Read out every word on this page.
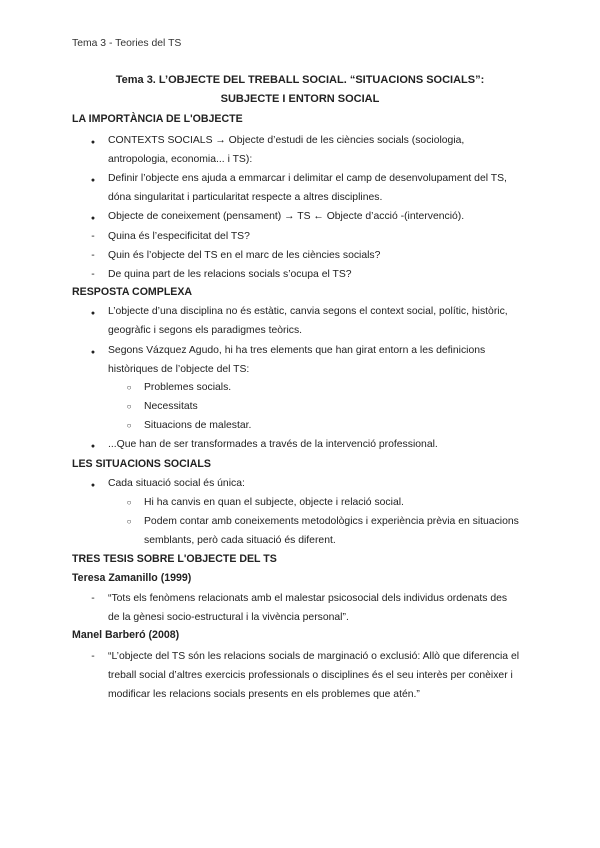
Tema 3 - Teories del TS
Tema 3. L’OBJECTE DEL TREBALL SOCIAL. “SITUACIONS SOCIALS”:
SUBJECTE I ENTORN SOCIAL
LA IMPORTÀNCIA DE L'OBJECTE
●
CONTEXTS SOCIALS → Objecte d’estudi de les ciències socials (sociologia, antropologia, economia... i TS):
●
Definir l’objecte ens ajuda a emmarcar i delimitar el camp de desenvolupament del TS, dóna singularitat i particularitat respecte a altres disciplines.
●
Objecte de coneixement (pensament) → TS ← Objecte d’acció -(intervenció).
-
Quina és l’especificitat del TS?
-
Quin és l’objecte del TS en el marc de les ciències socials?
-
De quina part de les relacions socials s’ocupa el TS?
RESPOSTA COMPLEXA
●
L’objecte d’una disciplina no és estàtic, canvia segons el context social, polític, històric, geogràfic i segons els paradigmes teòrics.
●
Segons Vázquez Agudo, hi ha tres elements que han girat entorn a les definicions històriques de l’objecte del TS:
○
Problemes socials.
○
Necessitats
○
Situacions de malestar.
●
...Que han de ser transformades a través de la intervenció professional.
LES SITUACIONS SOCIALS
●
Cada situació social és única:
○
Hi ha canvis en quan el subjecte, objecte i relació social.
○
Podem contar amb coneixements metodològics i experiència prèvia en situacions semblants, però cada situació és diferent.
TRES TESIS SOBRE L'OBJECTE DEL TS
Teresa Zamanillo (1999)
-
“Tots els fenòmens relacionats amb el malestar psicosocial dels individus ordenats des de la gènesi socio-estructural i la vivència personal”.
Manel Barberó (2008)
-
“L’objecte del TS són les relacions socials de marginació o exclusió: Allò que diferencia el treball social d’altres exercicis professionals o disciplines és el seu interès per conèixer i modificar les relacions socials presents en els problemes que atén.”
